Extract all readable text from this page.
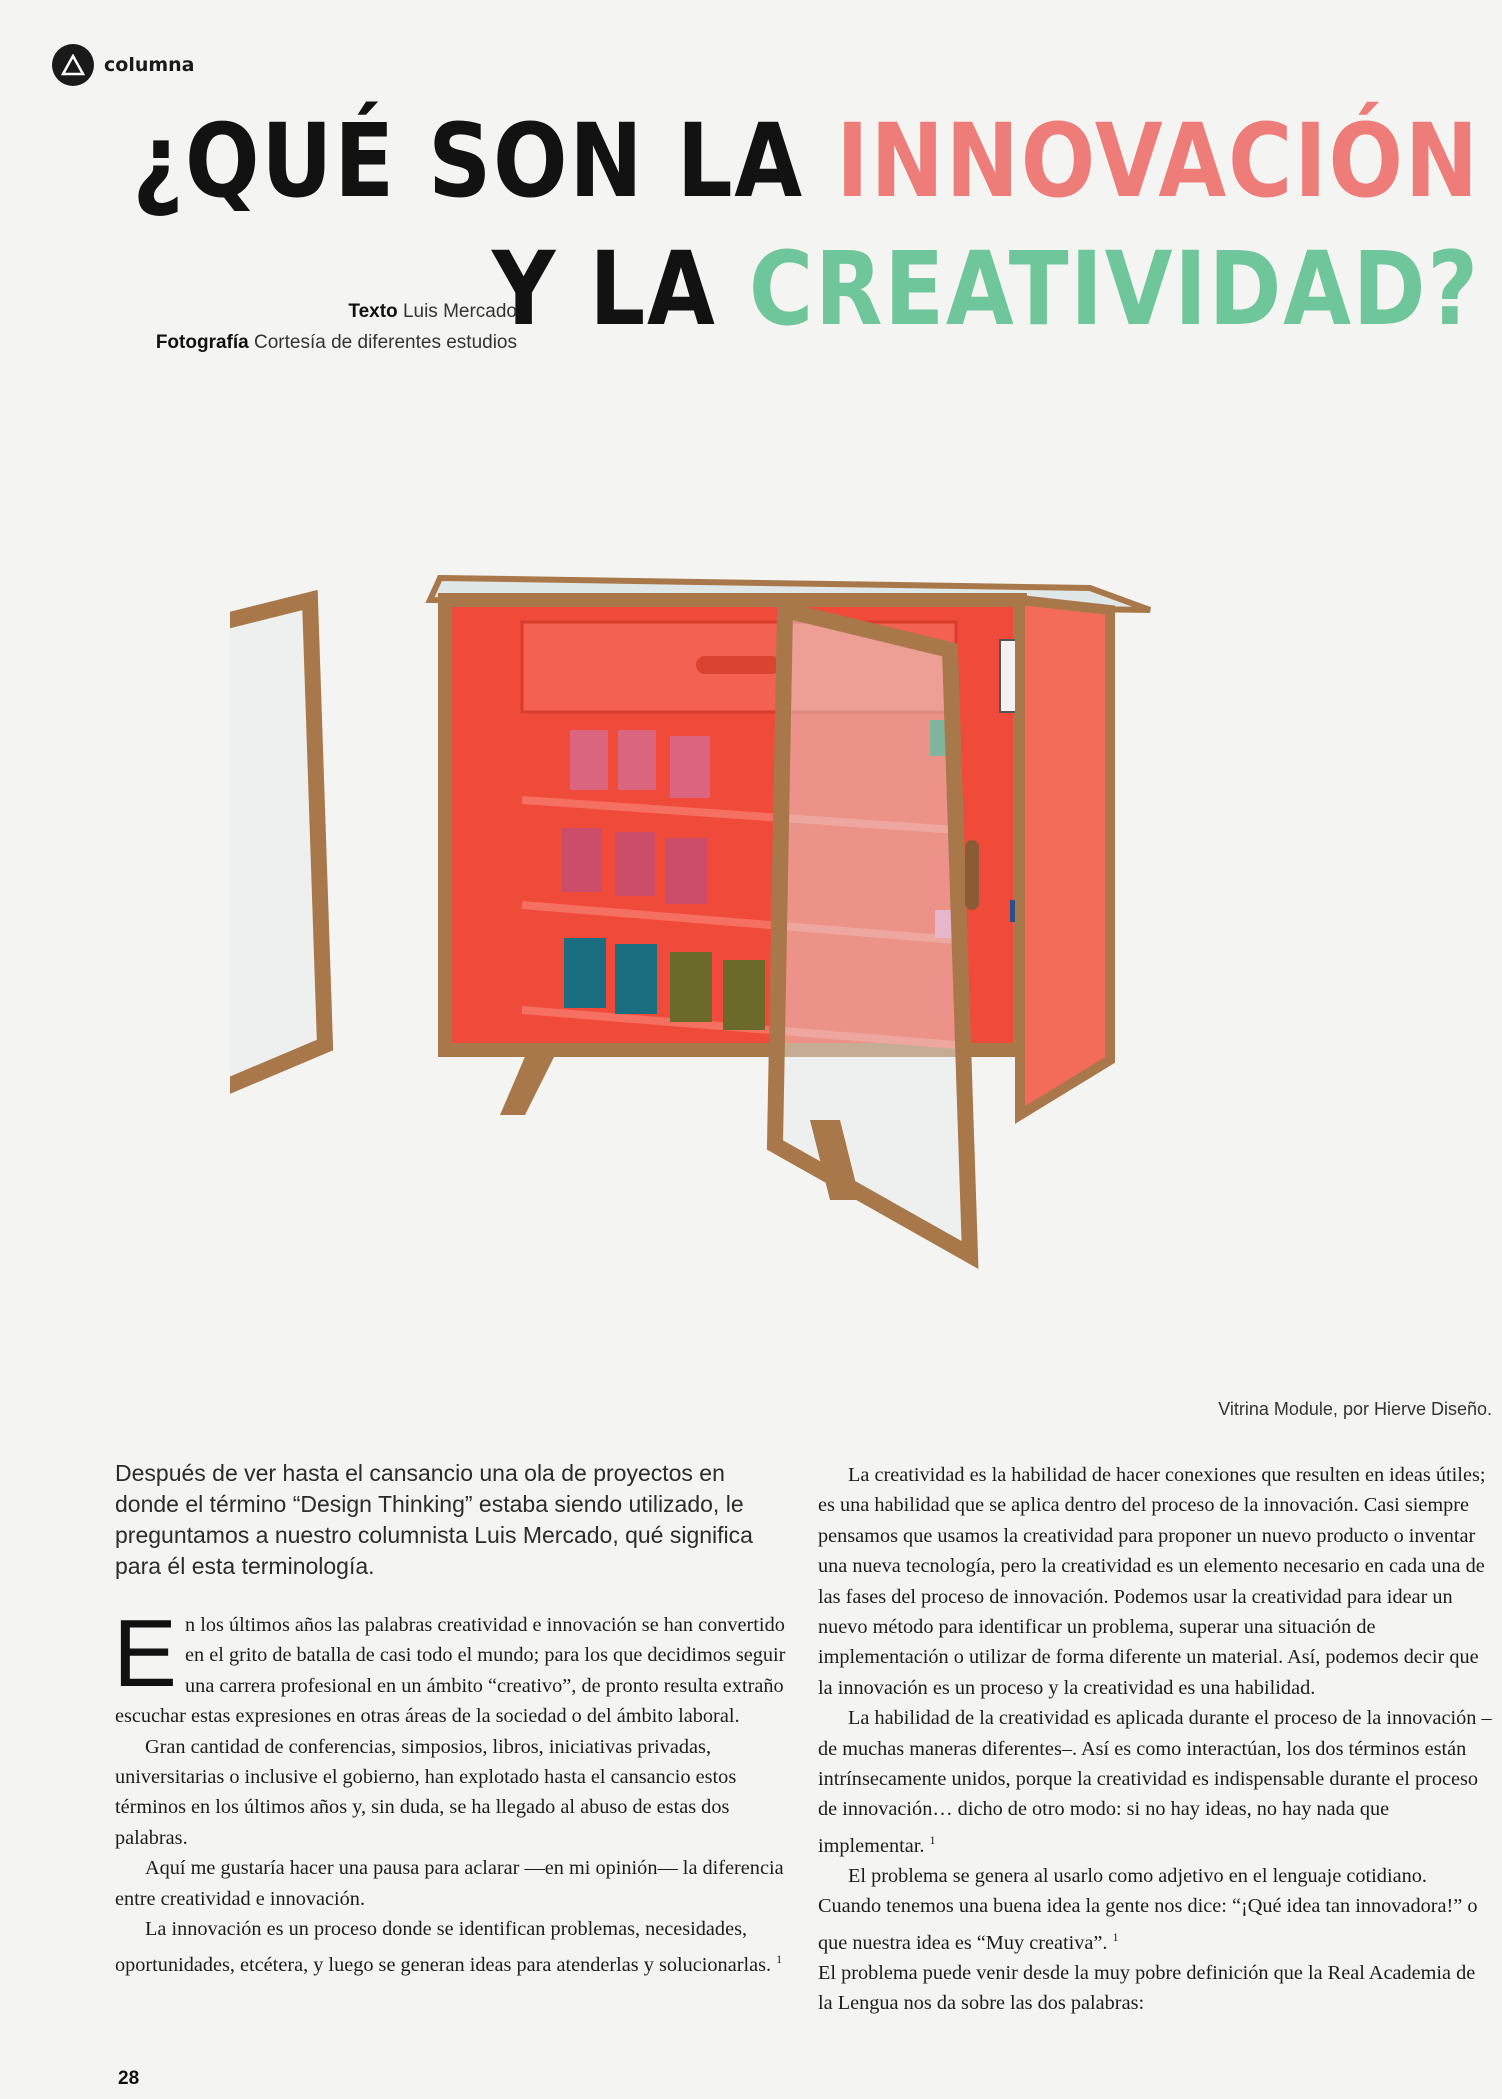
columna
¿QUÉ SON LA INNOVACIÓN
Y LA CREATIVIDAD?
Texto Luis Mercado
Fotografía Cortesía de diferentes estudios
Vitrina Module, por Hierve Diseño.
Después de ver hasta el cansancio una ola de proyectos en donde el término “Design Thinking” estaba siendo utilizado, le preguntamos a nuestro columnista Luis Mercado, qué significa para él esta terminología.

En los últimos años las palabras creatividad e innovación se han convertido en el grito de batalla de casi todo el mundo; para los que decidimos seguir una carrera profesional en un ámbito “creativo”, de pronto resulta extraño escuchar estas expresiones en otras áreas de la sociedad o del ámbito laboral.

Gran cantidad de conferencias, simposios, libros, iniciativas privadas, universitarias o inclusive el gobierno, han explotado hasta el cansancio estos términos en los últimos años y, sin duda, se ha llegado al abuso de estas dos palabras.

Aquí me gustaría hacer una pausa para aclarar —en mi opinión— la diferencia entre creatividad e innovación.

La innovación es un proceso donde se identifican problemas, necesidades, oportunidades, etcétera, y luego se generan ideas para atenderlas y solucionarlas. $^1$

La creatividad es la habilidad de hacer conexiones que resulten en ideas útiles; es una habilidad que se aplica dentro del proceso de la innovación. Casi siempre pensamos que usamos la creatividad para proponer un nuevo producto o inventar una nueva tecnología, pero la creatividad es un elemento necesario en cada una de las fases del proceso de innovación. Podemos usar la creatividad para idear un nuevo método para identificar un problema, superar una situación de implementación o utilizar de forma diferente un material. Así, podemos decir que la innovación es un proceso y la creatividad es una habilidad.

La habilidad de la creatividad es aplicada durante el proceso de la innovación –de muchas maneras diferentes–. Así es como interactúan, los dos términos están intrínsecamente unidos, porque la creatividad es indispensable durante el proceso de innovación… dicho de otro modo: si no hay ideas, no hay nada que implementar. $^1$

El problema se genera al usarlo como adjetivo en el lenguaje cotidiano. Cuando tenemos una buena idea la gente nos dice: “¡Qué idea tan innovadora!” o que nuestra idea es “Muy creativa”. $^1$

El problema puede venir desde la muy pobre definición que la Real Academia de la Lengua nos da sobre las dos palabras:

28
